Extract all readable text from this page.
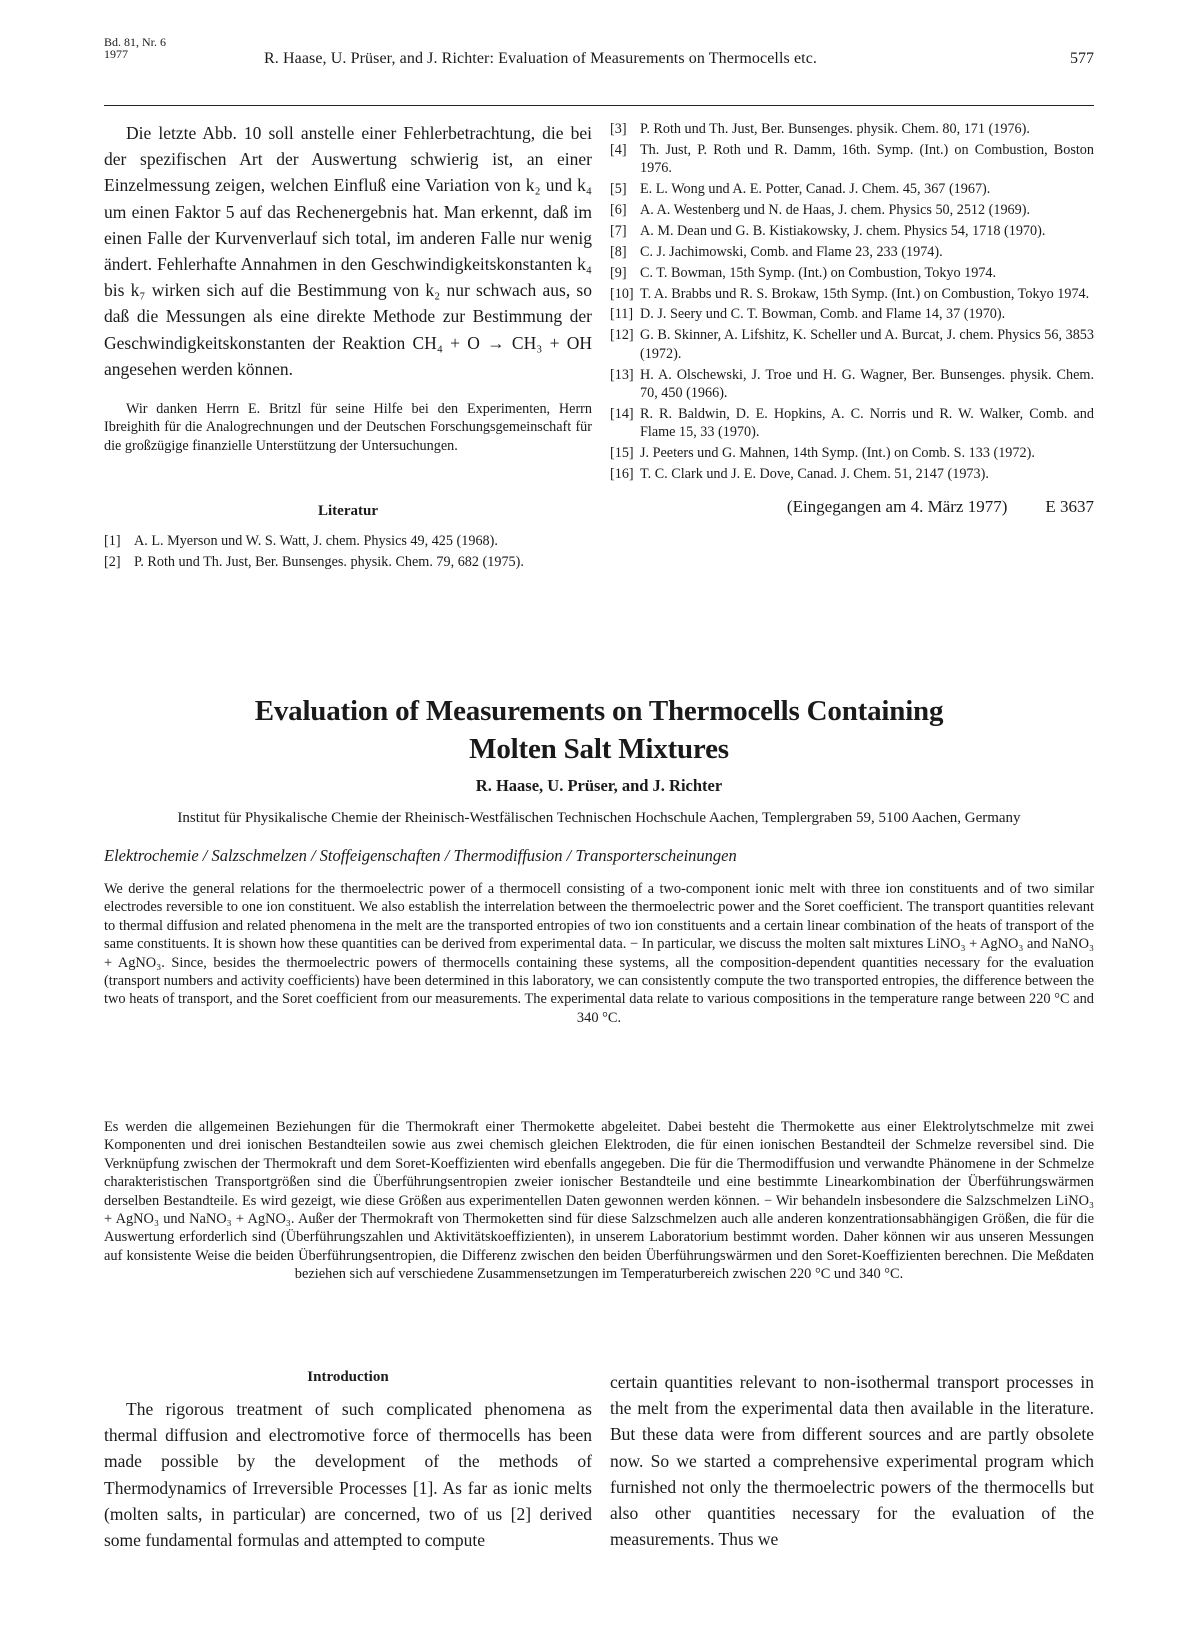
Bd. 81, Nr. 6
1977	R. Haase, U. Prüser, and J. Richter: Evaluation of Measurements on Thermocells etc.	577

Die letzte Abb. 10 soll anstelle einer Fehlerbetrachtung, die bei der spezifischen Art der Auswertung schwierig ist, an einer Einzelmessung zeigen, welchen Einfluß eine Variation von k₂ und k₄ um einen Faktor 5 auf das Rechenergebnis hat. Man erkennt, daß im einen Falle der Kurvenverlauf sich total, im anderen Falle nur wenig ändert. Fehlerhafte Annahmen in den Geschwindigkeitskonstanten k₄ bis k₇ wirken sich auf die Bestimmung von k₂ nur schwach aus, so daß die Messungen als eine direkte Methode zur Bestimmung der Geschwindigkeitskonstanten der Reaktion CH₄ + O → CH₃ + OH angesehen werden können.

Wir danken Herrn E. Britzl für seine Hilfe bei den Experimenten, Herrn Ibreighith für die Analogrechnungen und der Deutschen Forschungsgemeinschaft für die großzügige finanzielle Unterstützung der Untersuchungen.

Literatur
[1] A. L. Myerson und W. S. Watt, J. chem. Physics 49, 425 (1968).
[2] P. Roth und Th. Just, Ber. Bunsenges. physik. Chem. 79, 682 (1975).
[3] P. Roth und Th. Just, Ber. Bunsenges. physik. Chem. 80, 171 (1976).
[4] Th. Just, P. Roth und R. Damm, 16th. Symp. (Int.) on Combustion, Boston 1976.
[5] E. L. Wong und A. E. Potter, Canad. J. Chem. 45, 367 (1967).
[6] A. A. Westenberg und N. de Haas, J. chem. Physics 50, 2512 (1969).
[7] A. M. Dean und G. B. Kistiakowsky, J. chem. Physics 54, 1718 (1970).
[8] C. J. Jachimowski, Comb. and Flame 23, 233 (1974).
[9] C. T. Bowman, 15th Symp. (Int.) on Combustion, Tokyo 1974.
[10] T. A. Brabbs und R. S. Brokaw, 15th Symp. (Int.) on Combustion, Tokyo 1974.
[11] D. J. Seery und C. T. Bowman, Comb. and Flame 14, 37 (1970).
[12] G. B. Skinner, A. Lifshitz, K. Scheller und A. Burcat, J. chem. Physics 56, 3853 (1972).
[13] H. A. Olschewski, J. Troe und H. G. Wagner, Ber. Bunsenges. physik. Chem. 70, 450 (1966).
[14] R. R. Baldwin, D. E. Hopkins, A. C. Norris und R. W. Walker, Comb. and Flame 15, 33 (1970).
[15] J. Peeters und G. Mahnen, 14th Symp. (Int.) on Comb. S. 133 (1972).
[16] T. C. Clark und J. E. Dove, Canad. J. Chem. 51, 2147 (1973).
(Eingegangen am 4. März 1977) E 3637
Evaluation of Measurements on Thermocells Containing
Molten Salt Mixtures
R. Haase, U. Prüser, and J. Richter
Institut für Physikalische Chemie der Rheinisch-Westfälischen Technischen Hochschule Aachen, Templergraben 59, 5100 Aachen, Germany
Elektrochemie / Salzschmelzen / Stoffeigenschaften / Thermodiffusion / Transporterscheinungen

We derive the general relations for the thermoelectric power of a thermocell consisting of a two-component ionic melt with three ion constituents and of two similar electrodes reversible to one ion constituent. We also establish the interrelation between the thermoelectric power and the Soret coefficient. The transport quantities relevant to thermal diffusion and related phenomena in the melt are the transported entropies of two ion constituents and a certain linear combination of the heats of transport of the same constituents. It is shown how these quantities can be derived from experimental data. − In particular, we discuss the molten salt mixtures LiNO₃ + AgNO₃ and NaNO₃ + AgNO₃. Since, besides the thermoelectric powers of thermocells containing these systems, all the composition-dependent quantities necessary for the evaluation (transport numbers and activity coefficients) have been determined in this laboratory, we can consistently compute the two transported entropies, the difference between the two heats of transport, and the Soret coefficient from our measurements. The experimental data relate to various compositions in the temperature range between 220 °C and 340 °C.

Es werden die allgemeinen Beziehungen für die Thermokraft einer Thermokette abgeleitet. Dabei besteht die Thermokette aus einer Elektrolytschmelze mit zwei Komponenten und drei ionischen Bestandteilen sowie aus zwei chemisch gleichen Elektroden, die für einen ionischen Bestandteil der Schmelze reversibel sind. Die Verknüpfung zwischen der Thermokraft und dem Soret-Koeffizienten wird ebenfalls angegeben. Die für die Thermodiffusion und verwandte Phänomene in der Schmelze charakteristischen Transportgrößen sind die Überführungsentropien zweier ionischer Bestandteile und eine bestimmte Linearkombination der Überführungswärmen derselben Bestandteile. Es wird gezeigt, wie diese Größen aus experimentellen Daten gewonnen werden können. − Wir behandeln insbesondere die Salzschmelzen LiNO₃ + AgNO₃ und NaNO₃ + AgNO₃. Außer der Thermokraft von Thermoketten sind für diese Salzschmelzen auch alle anderen konzentrationsabhängigen Größen, die für die Auswertung erforderlich sind (Überführungszahlen und Aktivitätskoeffizienten), in unserem Laboratorium bestimmt worden. Daher können wir aus unseren Messungen auf konsistente Weise die beiden Überführungsentropien, die Differenz zwischen den beiden Überführungswärmen und den Soret-Koeffizienten berechnen. Die Meßdaten beziehen sich auf verschiedene Zusammensetzungen im Temperaturbereich zwischen 220 °C und 340 °C.

Introduction

The rigorous treatment of such complicated phenomena as thermal diffusion and electromotive force of thermocells has been made possible by the development of the methods of Thermodynamics of Irreversible Processes [1]. As far as ionic melts (molten salts, in particular) are concerned, two of us [2] derived some fundamental formulas and attempted to compute

certain quantities relevant to non-isothermal transport processes in the melt from the experimental data then available in the literature. But these data were from different sources and are partly obsolete now. So we started a comprehensive experimental program which furnished not only the thermoelectric powers of the thermocells but also other quantities necessary for the evaluation of the measurements. Thus we
